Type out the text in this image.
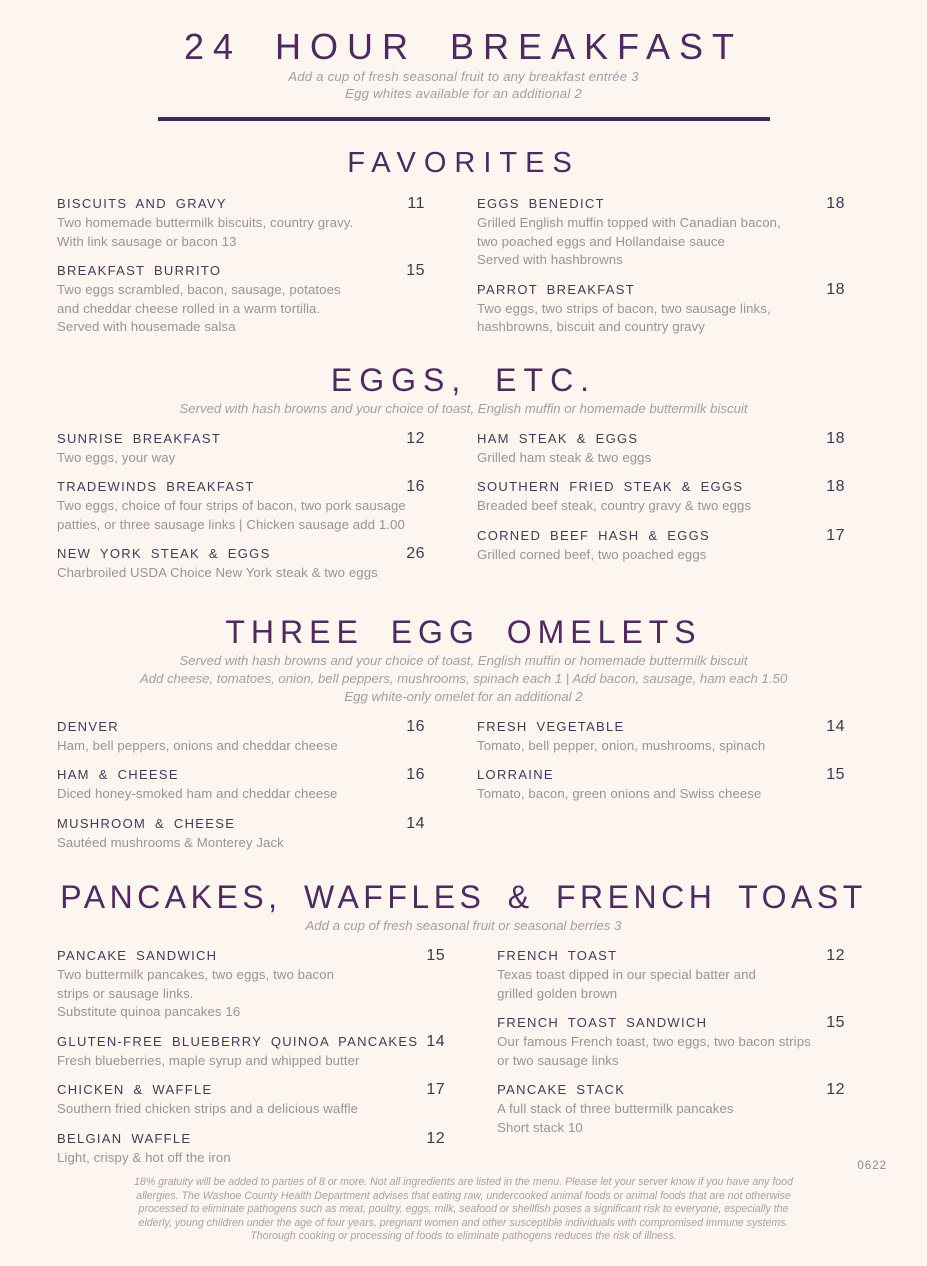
24 HOUR BREAKFAST
Add a cup of fresh seasonal fruit to any breakfast entrée 3
Egg whites available for an additional 2
FAVORITES
BISCUITS AND GRAVY	11
Two homemade buttermilk biscuits, country gravy.
With link sausage or bacon 13
BREAKFAST BURRITO	15
Two eggs scrambled, bacon, sausage, potatoes
and cheddar cheese rolled in a warm tortilla.
Served with housemade salsa
EGGS BENEDICT	18
Grilled English muffin topped with Canadian bacon,
two poached eggs and Hollandaise sauce
Served with hashbrowns
PARROT BREAKFAST	18
Two eggs, two strips of bacon, two sausage links,
hashbrowns, biscuit and country gravy
EGGS, ETC.
Served with hash browns and your choice of toast, English muffin or homemade buttermilk biscuit
SUNRISE BREAKFAST	12
Two eggs, your way
TRADEWINDS BREAKFAST	16
Two eggs, choice of four strips of bacon, two pork sausage
patties, or three sausage links | Chicken sausage add 1.00
NEW YORK STEAK & EGGS	26
Charbroiled USDA Choice New York steak & two eggs
HAM STEAK & EGGS	18
Grilled ham steak & two eggs
SOUTHERN FRIED STEAK & EGGS	18
Breaded beef steak, country gravy & two eggs
CORNED BEEF HASH & EGGS	17
Grilled corned beef, two poached eggs
THREE EGG OMELETS
Served with hash browns and your choice of toast, English muffin or homemade buttermilk biscuit
Add cheese, tomatoes, onion, bell peppers, mushrooms, spinach each 1 | Add bacon, sausage, ham each 1.50
Egg white-only omelet for an additional 2
DENVER	16
Ham, bell peppers, onions and cheddar cheese
HAM & CHEESE	16
Diced honey-smoked ham and cheddar cheese
MUSHROOM & CHEESE	14
Sautéed mushrooms & Monterey Jack
FRESH VEGETABLE	14
Tomato, bell pepper, onion, mushrooms, spinach
LORRAINE	15
Tomato, bacon, green onions and Swiss cheese
PANCAKES, WAFFLES & FRENCH TOAST
Add a cup of fresh seasonal fruit or seasonal berries 3
PANCAKE SANDWICH	15
Two buttermilk pancakes, two eggs, two bacon
strips or sausage links.
Substitute quinoa pancakes 16
GLUTEN-FREE BLUEBERRY QUINOA PANCAKES 14
Fresh blueberries, maple syrup and whipped butter
CHICKEN & WAFFLE	17
Southern fried chicken strips and a delicious waffle
BELGIAN WAFFLE	12
Light, crispy & hot off the iron
FRENCH TOAST	12
Texas toast dipped in our special batter and
grilled golden brown
FRENCH TOAST SANDWICH	15
Our famous French toast, two eggs, two bacon strips
or two sausage links
PANCAKE STACK	12
A full stack of three buttermilk pancakes
Short stack 10
18% gratuity will be added to parties of 8 or more. Not all ingredients are listed in the menu. Please let your server know if you have any food allergies. The Washoe County Health Department advises that eating raw, undercooked animal foods or animal foods that are not otherwise processed to eliminate pathogens such as meat, poultry, eggs, milk, seafood or shellfish poses a significant risk to everyone, especially the elderly, young children under the age of four years, pregnant women and other susceptible individuals with compromised immune systems. Thorough cooking or processing of foods to eliminate pathogens reduces the risk of illness.
0622
